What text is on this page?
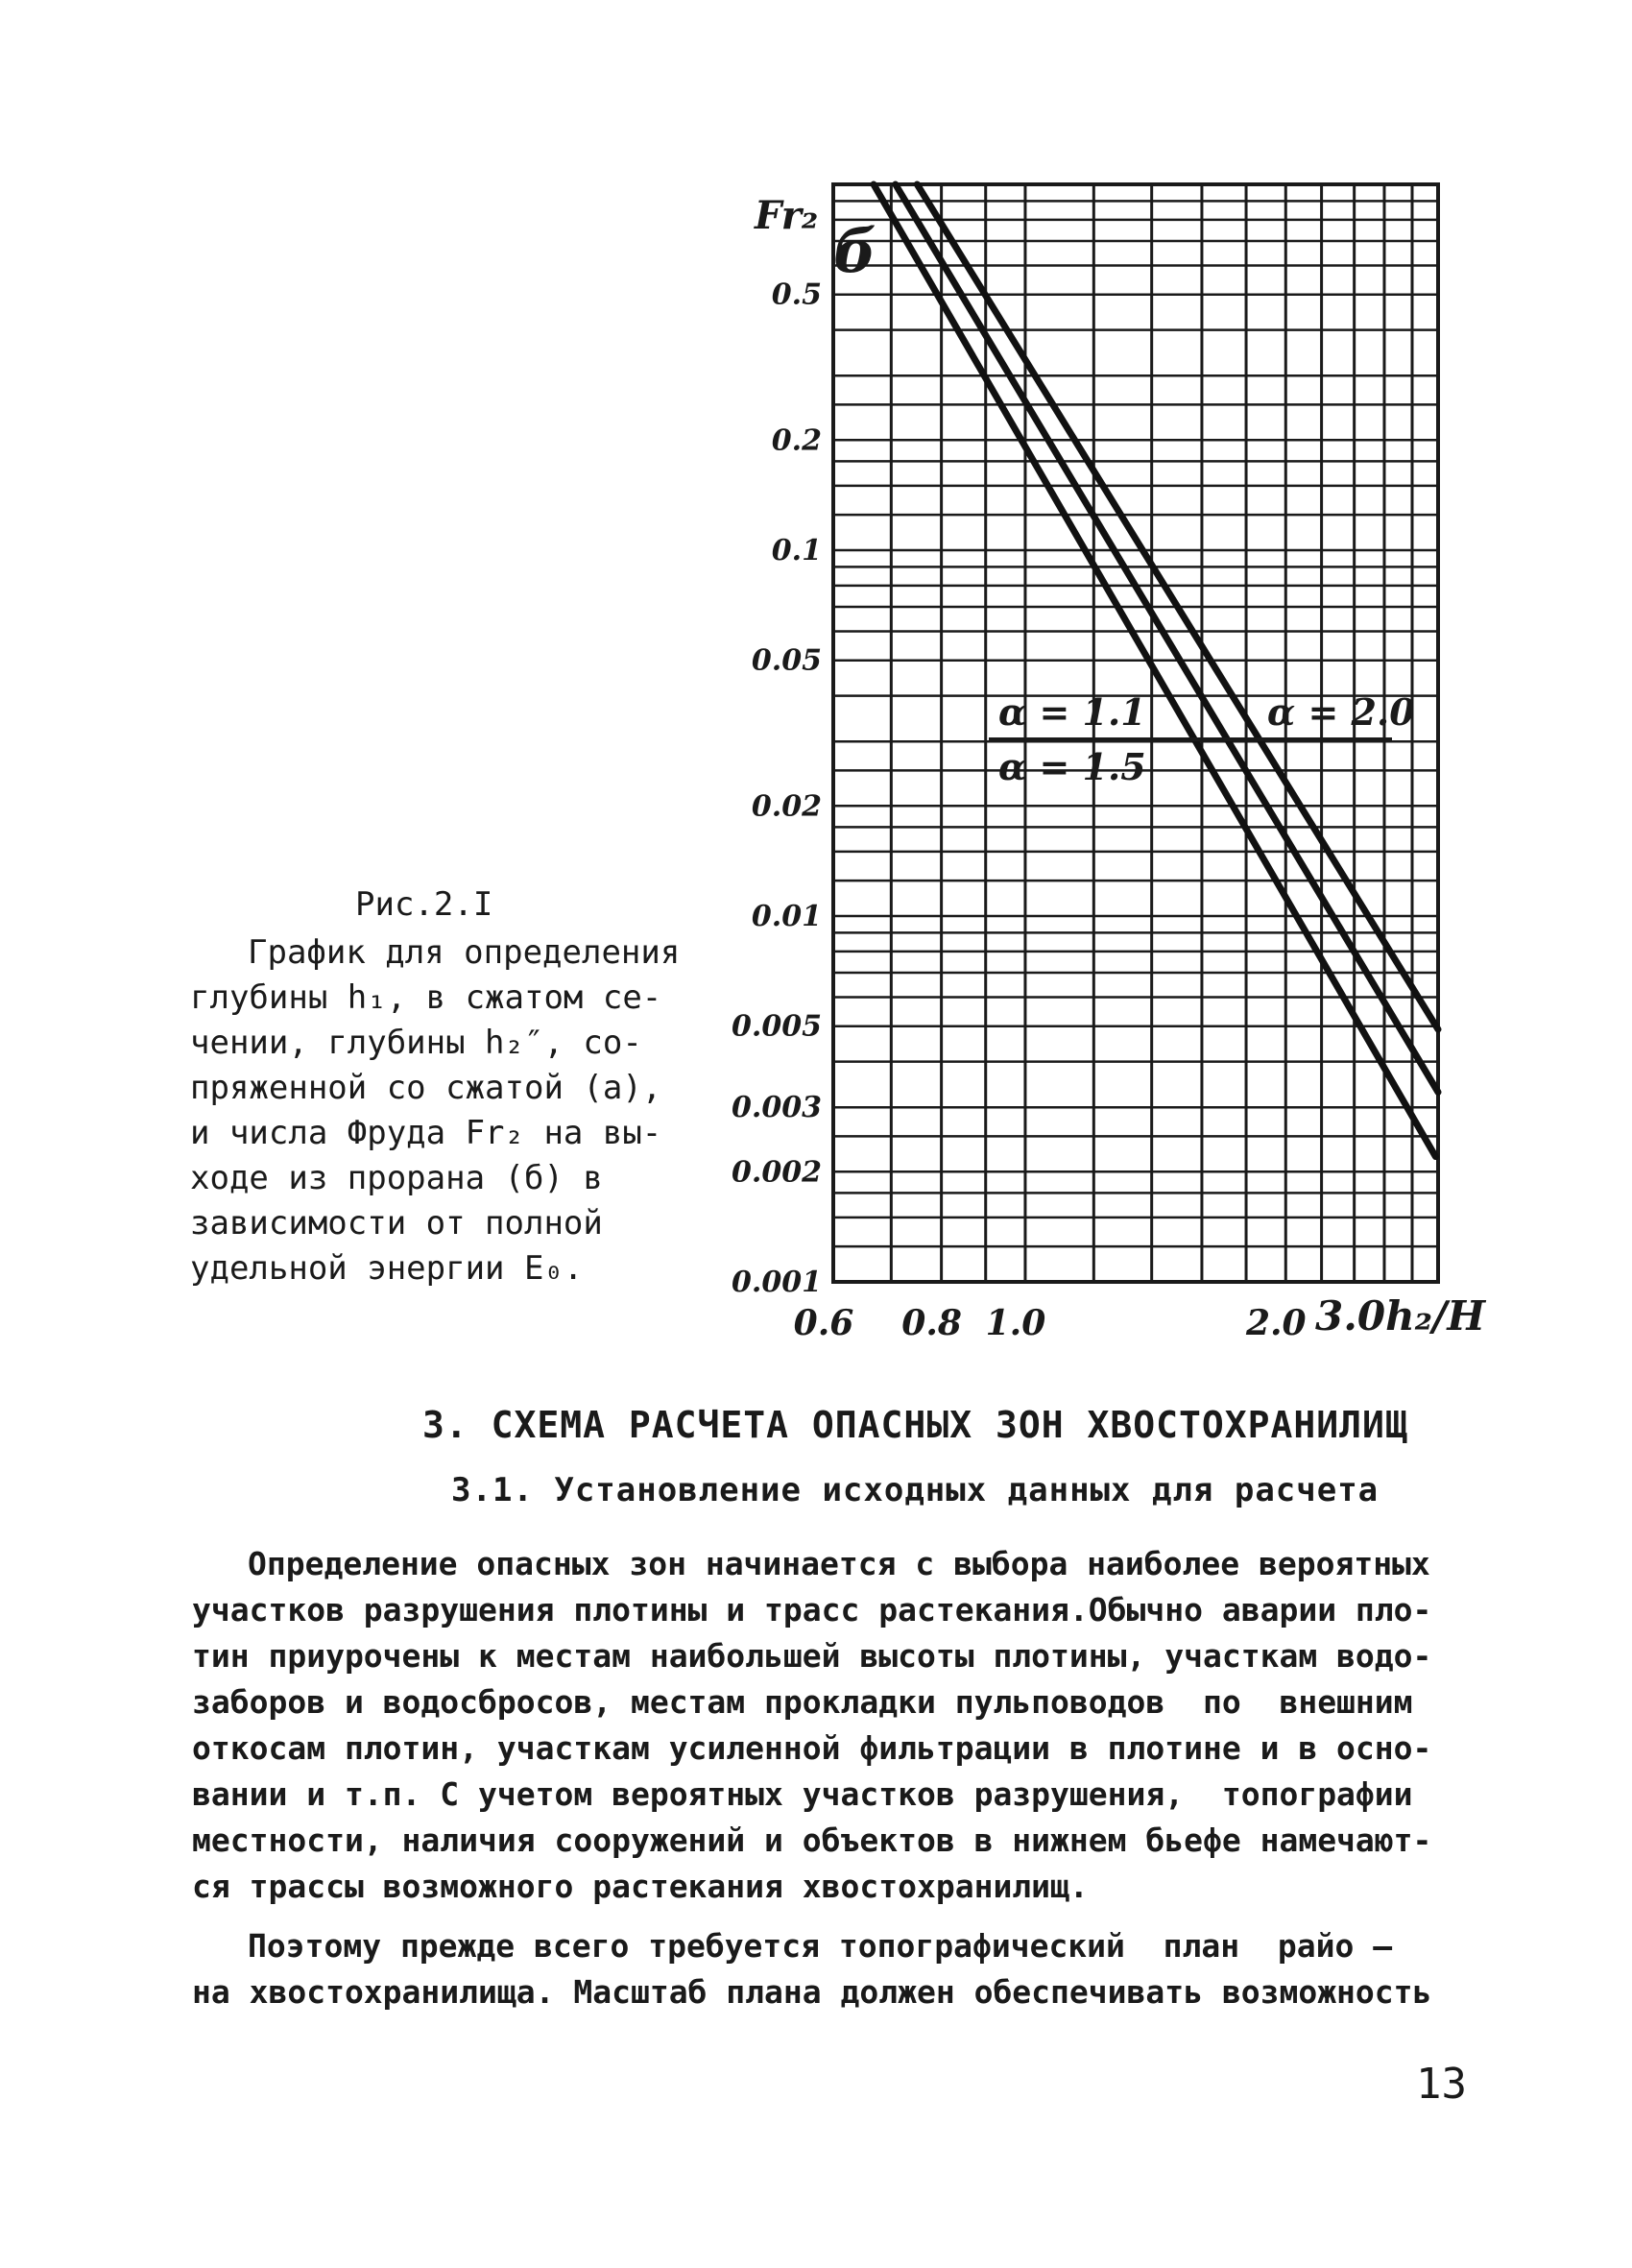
0.5
0.2
0.1
0.05
0.02
0.01
0.005
0.003
0.002
0.001
0.6 0.8 1.0	2.0
б
Fr₂
3.0h₂/H
α = 1.1	α = 2.0
α = 1.5
Рис.2.I
График для определения
глубины h₁, в сжатом се-
чении, глубины h₂″, со-
пряженной со сжатой (а),
и числа Фруда Fr₂ на вы-
ходе из прорана (б) в
зависимости от полной
удельной энергии E₀.
3. СХЕМА РАСЧЕТА ОПАСНЫХ ЗОН ХВОСТОХРАНИЛИЩ
3.1. Установление исходных данных для расчета
Определение опасных зон начинается с выбора наиболее вероятных
участков разрушения плотины и трасс растекания.Обычно аварии пло-
тин приурочены к местам наибольшей высоты плотины, участкам водо-
заборов и водосбросов, местам прокладки пульповодов  по  внешним
откосам плотин, участкам усиленной фильтрации в плотине и в осно-
вании и т.п. С учетом вероятных участков разрушения,  топографии
местности, наличия сооружений и объектов в нижнем бьефе намечают-
ся трассы возможного растекания хвостохранилищ.
Поэтому прежде всего требуется топографический  план  райо –
на хвостохранилища. Масштаб плана должен обеспечивать возможность
13
